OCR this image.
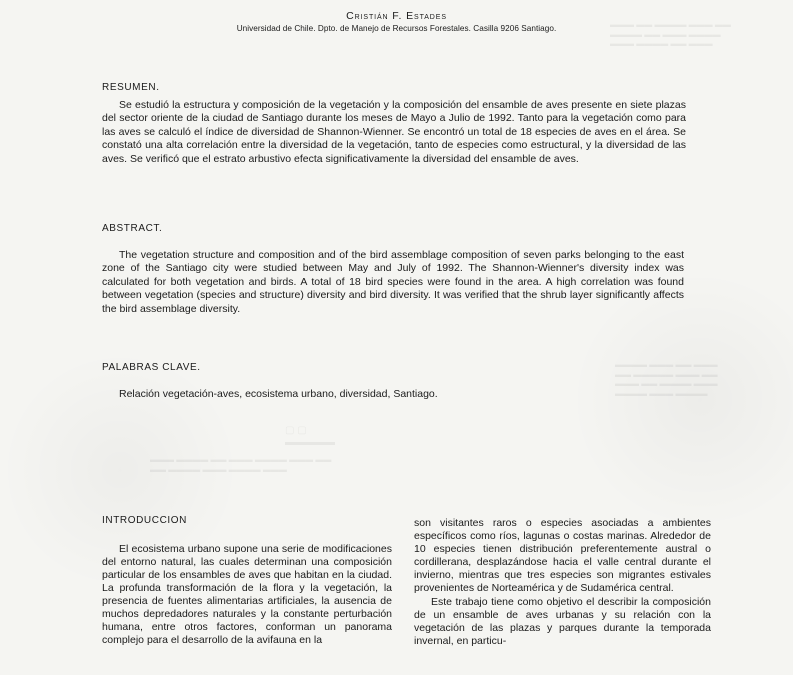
▬▬▬ ▬▬ ▬▬▬▬ ▬▬▬ ▬▬
▬▬▬▬ ▬▬ ▬▬▬ ▬▬▬▬
▬▬▬ ▬▬▬▬ ▬▬ ▬▬▬
▬▬▬▬ ▬▬▬ ▬▬ ▬▬▬
▬▬ ▬▬▬▬▬ ▬▬▬ ▬▬
▬▬▬ ▬▬ ▬▬▬▬ ▬▬▬
▬▬▬▬ ▬▬▬ ▬▬▬▬
▢ ▢
▬▬▬▬▬
▬▬▬ ▬▬▬▬ ▬▬ ▬▬▬ ▬▬▬▬ ▬▬▬ ▬▬
▬▬ ▬▬▬▬ ▬▬▬ ▬▬▬▬ ▬▬▬
Cristián F. Estades
Universidad de Chile. Dpto. de Manejo de Recursos Forestales. Casilla 9206 Santiago.
RESUMEN.

Se estudió la estructura y composición de la vegetación y la composición del ensamble de aves presente en siete plazas del sector oriente de la ciudad de Santiago durante los meses de Mayo a Julio de 1992. Tanto para la vegetación como para las aves se calculó el índice de diversidad de Shannon-Wienner. Se encontró un total de 18 especies de aves en el área. Se constató una alta correlación entre la diversidad de la vegetación, tanto de especies como estructural, y la diversidad de las aves. Se verificó que el estrato arbustivo efecta significativamente la diversidad del ensamble de aves.

ABSTRACT.

The vegetation structure and composition and of the bird assemblage composition of seven parks belonging to the east zone of the Santiago city were studied between May and July of 1992. The Shannon-Wienner's diversity index was calculated for both vegetation and birds. A total of 18 bird species were found in the area. A high correlation was found between vegetation (species and structure) diversity and bird diversity. It was verified that the shrub layer significantly affects the bird assemblage diversity.

PALABRAS CLAVE.

Relación vegetación-aves, ecosistema urbano, diversidad, Santiago.

INTRODUCCION

El ecosistema urbano supone una serie de modificaciones del entorno natural, las cuales determinan una composición particular de los ensambles de aves que habitan en la ciudad. La profunda transformación de la flora y la vegetación, la presencia de fuentes alimentarias artificiales, la ausencia de muchos depredadores naturales y la constante perturbación humana, entre otros factores, conforman un panorama complejo para el desarrollo de la avifauna en la

son visitantes raros o especies asociadas a ambientes específicos como ríos, lagunas o costas marinas. Alrededor de 10 especies tienen distribución preferentemente austral o cordillerana, desplazándose hacia el valle central durante el invierno, mientras que tres especies son migrantes estivales provenientes de Norteamérica y de Sudamérica central.

Este trabajo tiene como objetivo el describir la composición de un ensamble de aves urbanas y su relación con la vegetación de las plazas y parques durante la temporada invernal, en particu-
